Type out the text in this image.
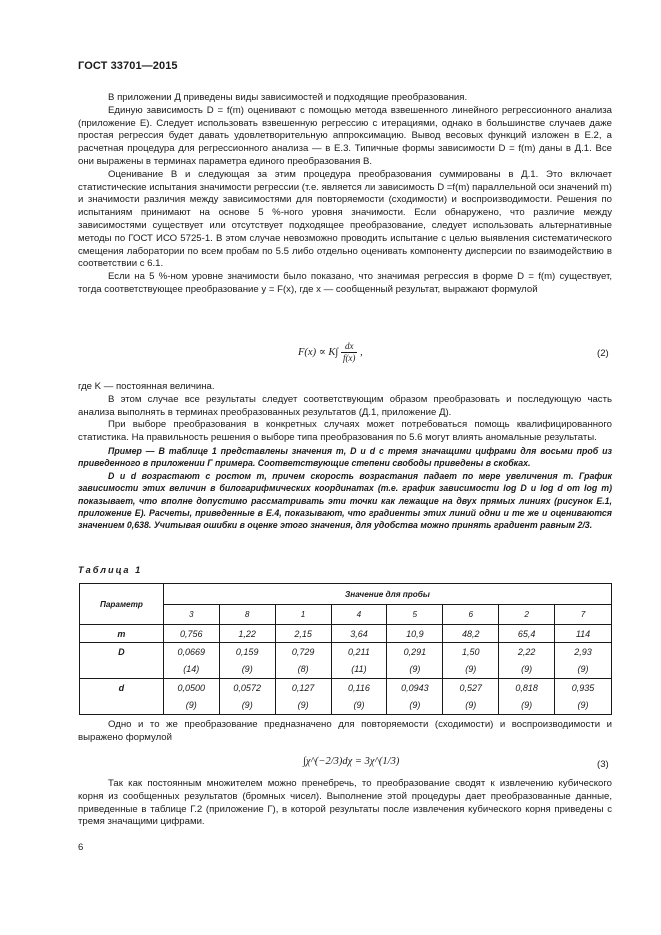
ГОСТ 33701—2015

В приложении Д приведены виды зависимостей и подходящие преобразования.

Единую зависимость D = f(m) оценивают с помощью метода взвешенного линейного регрессионного анализа (приложение Е). Следует использовать взвешенную регрессию с итерациями, однако в большинстве случаев даже простая регрессия будет давать удовлетворительную аппроксимацию. Вывод весовых функций изложен в Е.2, а расчетная процедура для регрессионного анализа — в Е.3. Типичные формы зависимости D = f(m) даны в Д.1. Все они выражены в терминах параметра единого преобразования B.

Оценивание B и следующая за этим процедура преобразования суммированы в Д.1. Это включает статистические испытания значимости регрессии (т.е. является ли зависимость D =f(m) параллельной оси значений m) и значимости различия между зависимостями для повторяемости (сходимости) и воспроизводимости. Решения по испытаниям принимают на основе 5 %-ного уровня значимости. Если обнаружено, что различие между зависимостями существует или отсутствует подходящее преобразование, следует использовать альтернативные методы по ГОСТ ИСО 5725-1. В этом случае невозможно проводить испытание с целью выявления систематического смещения лаборатории по всем пробам по 5.5 либо отдельно оценивать компоненту дисперсии по взаимодействию в соответствии с 6.1.

Если на 5 %-ном уровне значимости было показано, что значимая регрессия в форме D = f(m) существует, тогда соответствующее преобразование y = F(x), где x — сообщенный результат, выражают формулой

$F(x) \propto K\int \frac{dx}{f(x)}$ ,	(2)

где K — постоянная величина.

В этом случае все результаты следует соответствующим образом преобразовать и последующую часть анализа выполнять в терминах преобразованных результатов (Д.1, приложение Д).

При выборе преобразования в конкретных случаях может потребоваться помощь квалифицированного статистика. На правильность решения о выборе типа преобразования по 5.6 могут влиять аномальные результаты.

Пример — В таблице 1 представлены значения m, D и d с тремя значащими цифрами для восьми проб из приведенного в приложении Г примера. Соответствующие степени свободы приведены в скобках.

D и d возрастают с ростом m, причем скорость возрастания падает по мере увеличения m. График зависимости этих величин в билогарифмических координатах (т.е. график зависимости log D и log d от log m) показывает, что вполне допустимо рассматривать эти точки как лежащие на двух прямых линиях (рисунок Е.1, приложение Е). Расчеты, приведенные в Е.4, показывают, что градиенты этих линий одни и те же и оцениваются значением 0,638. Учитывая ошибки в оценке этого значения, для удобства можно принять градиент равным 2/3.

Таблица 1
Параметр	Значение для пробы							
	3	8	1	4	5	6	2	7
m	0,756	1,22	2,15	3,64	10,9	48,2	65,4	114
D	0,0669	0,159	0,729	0,211	0,291	1,50	2,22	2,93
	(14)	(9)	(8)	(11)	(9)	(9)	(9)	(9)
d	0,0500	0,0572	0,127	0,116	0,0943	0,527	0,818	0,935
	(9)	(9)	(9)	(9)	(9)	(9)	(9)	(9)

Одно и то же преобразование предназначено для повторяемости (сходимости) и воспроизводимости и выражено формулой

∫χ^(−2/3)dχ = 3χ^(1/3)	(3)

Так как постоянным множителем можно пренебречь, то преобразование сводят к извлечению кубического корня из сообщенных результатов (бромных чисел). Выполнение этой процедуры дает преобразованные данные, приведенные в таблице Г.2 (приложение Г), в которой результаты после извлечения кубического корня приведены с тремя значащими цифрами.

6
